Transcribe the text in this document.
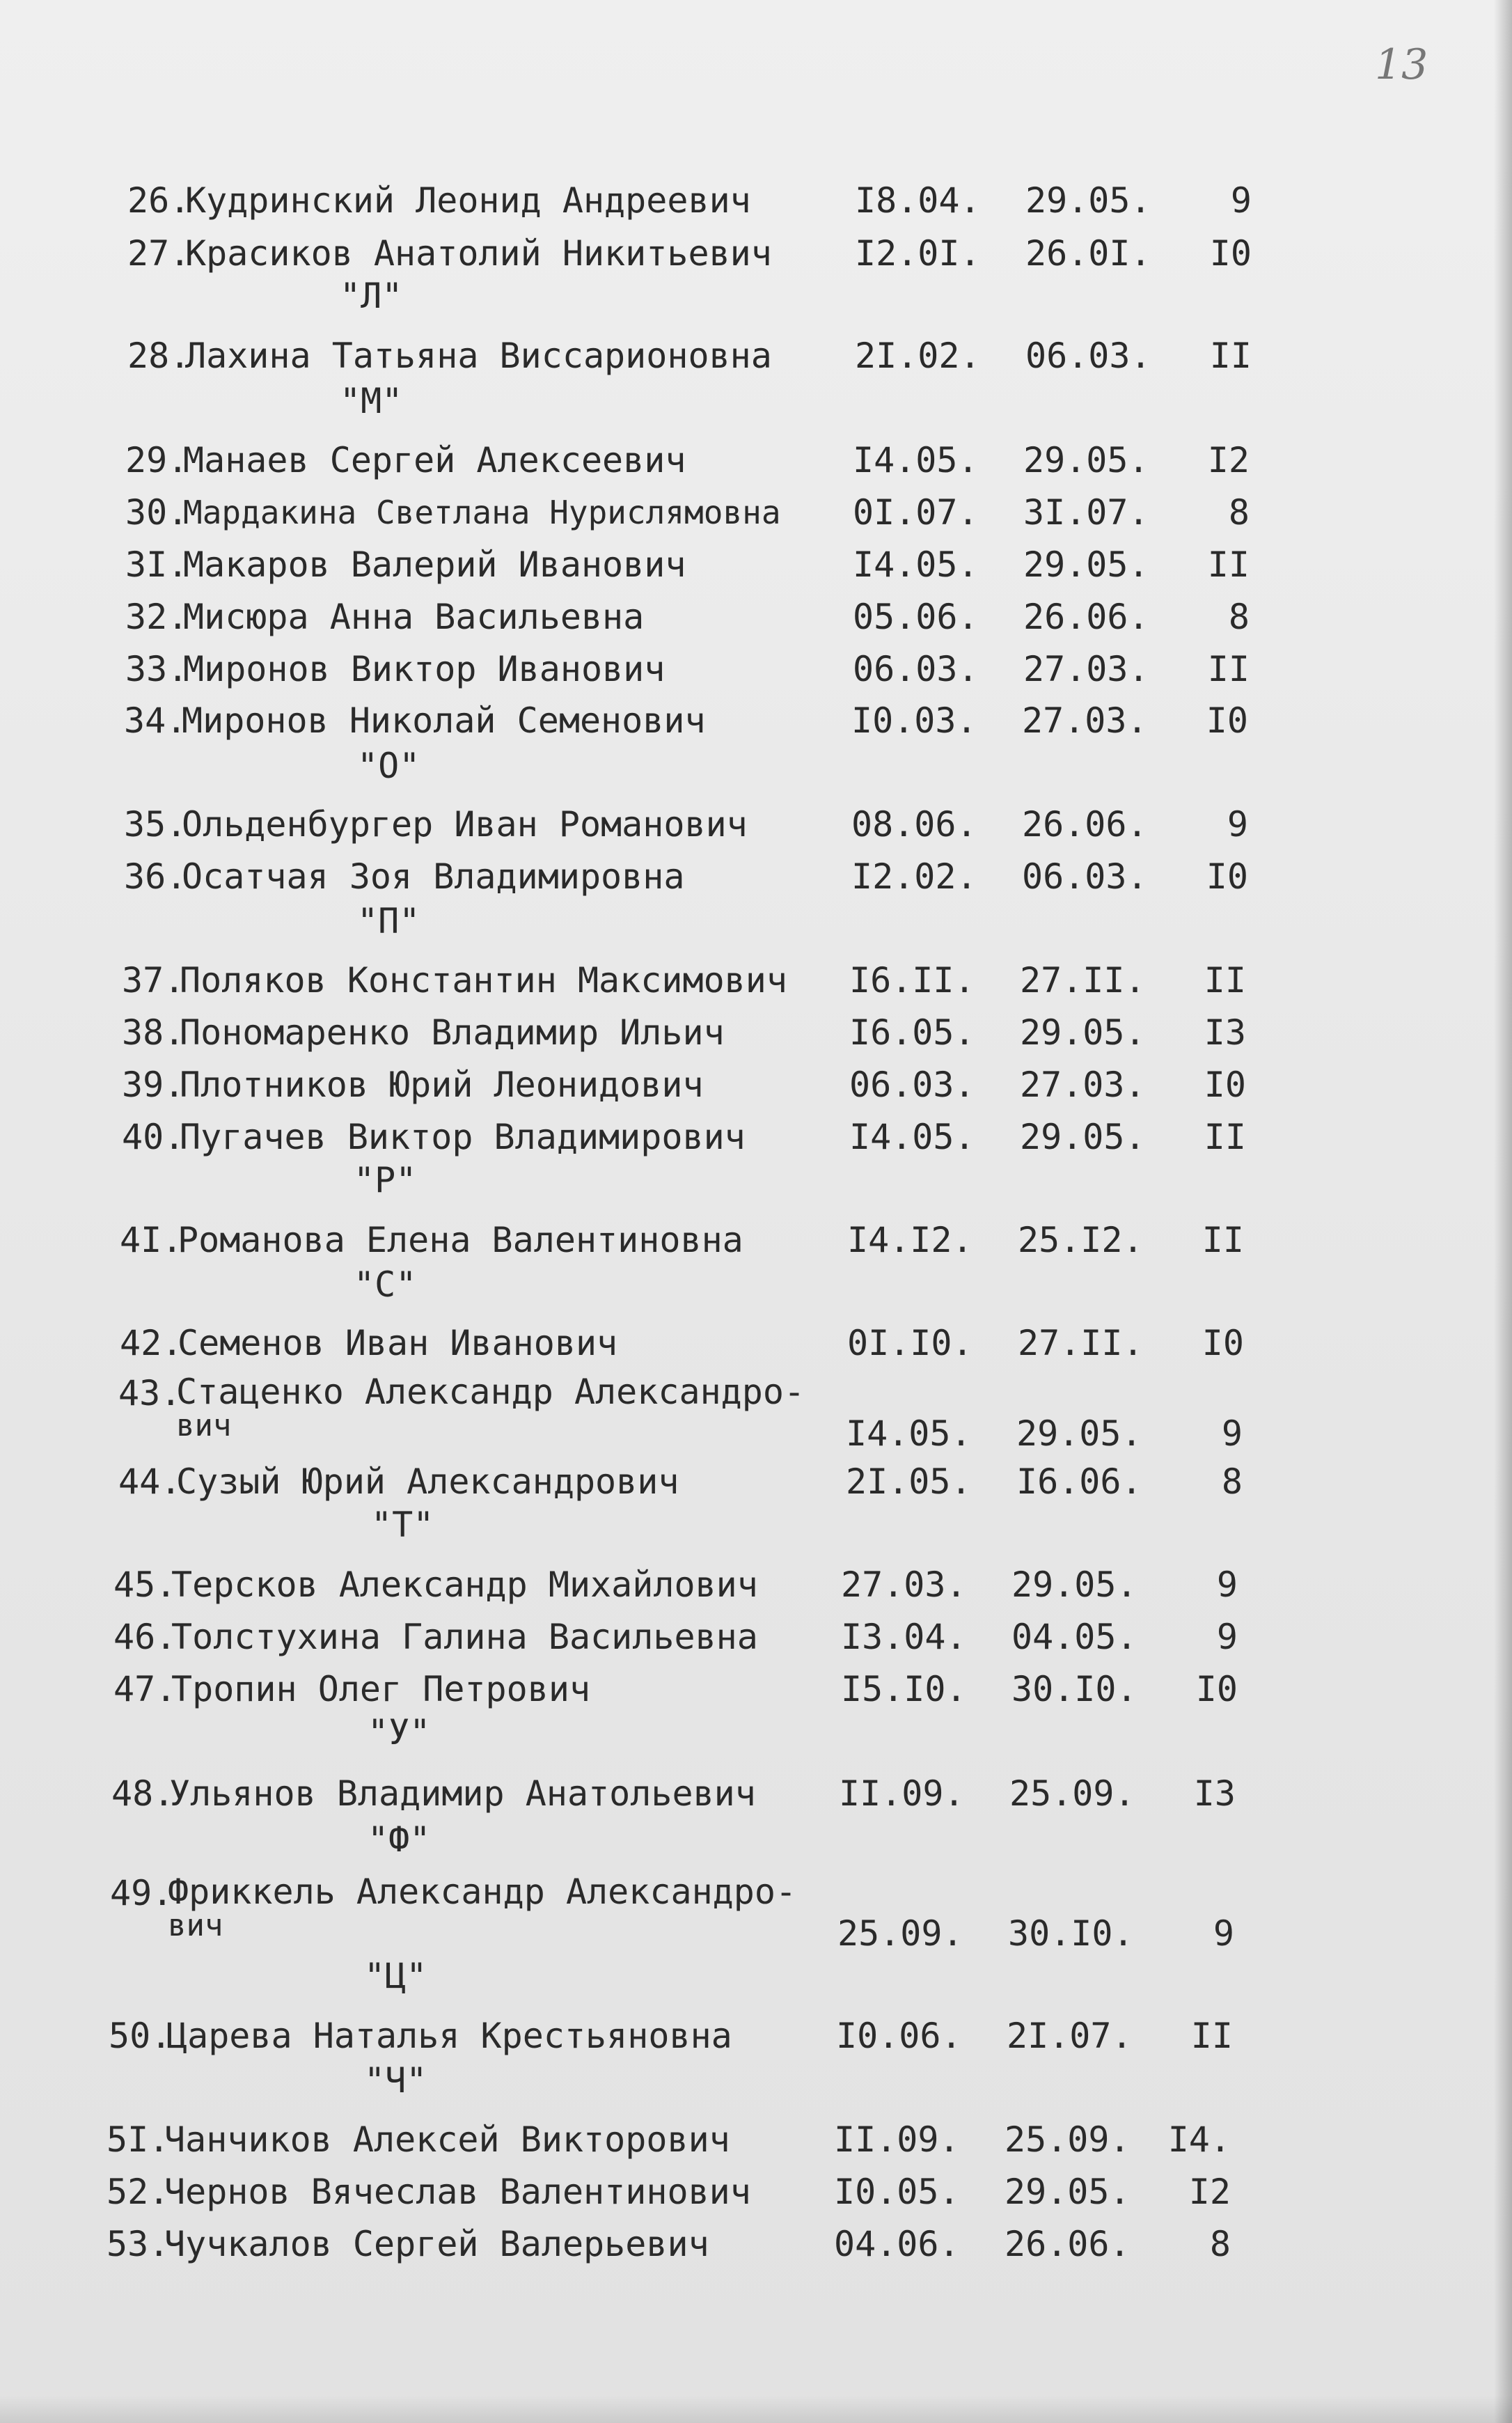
13
26.
Кудринский Леонид Андреевич	I8.04. 29.05.	9
27.
Красиков Анатолий Никитьевич I2.0I. 26.0I.	I0
"Л"
28.
Лахина Татьяна Виссарионовна 2I.02. 06.03.	II
"М"
29.
Манаев Сергей Алексеевич	I4.05. 29.05.	I2
30.
Мардакина Светлана Нурислямовна 0I.07. 3I.07.	8
3I.
Макаров Валерий Иванович	I4.05. 29.05.	II
32.
Мисюра Анна Васильевна	05.06. 26.06.	8
33.
Миронов Виктор Иванович	06.03. 27.03.	II
34.
Миронов Николай Семенович	I0.03. 27.03.	I0
"О"
35.
Ольденбургер Иван Романович	08.06. 26.06.	9
36.
Осатчая Зоя Владимировна	I2.02. 06.03.	I0
"П"
37.
Поляков Константин Максимович I6.II. 27.II.	II
38.
Пономаренко Владимир Ильич	I6.05. 29.05.	I3
39.
Плотников Юрий Леонидович	06.03. 27.03.	I0
40.
Пугачев Виктор Владимирович	I4.05. 29.05.	II
"Р"
4I.
Романова Елена Валентиновна	I4.I2. 25.I2.	II
"С"
42.
Семенов Иван Иванович	0I.I0. 27.II.	I0
43.
Стаценко Александр Александро-
вич	I4.05. 29.05.	9
44.
Сузый Юрий Александрович	2I.05. I6.06.	8
"Т"
45.
Терсков Александр Михайлович 27.03. 29.05.	9
46.
Толстухина Галина Васильевна I3.04. 04.05.	9
47.
Тропин Олег Петрович	I5.I0. 30.I0.	I0
"У"
48.
Ульянов Владимир Анатольевич II.09. 25.09.	I3
"Ф"
49.
Фриккель Александр Александро-
вич	25.09. 30.I0.	9
"Ц"
50.
Царева Наталья Крестьяновна	I0.06. 2I.07.	II
"Ч"
5I.
Чанчиков Алексей Викторович	II.09. 25.09. I4.
52.
Чернов Вячеслав Валентинович I0.05. 29.05.	I2
53.
Чучкалов Сергей Валерьевич	04.06. 26.06.	8
